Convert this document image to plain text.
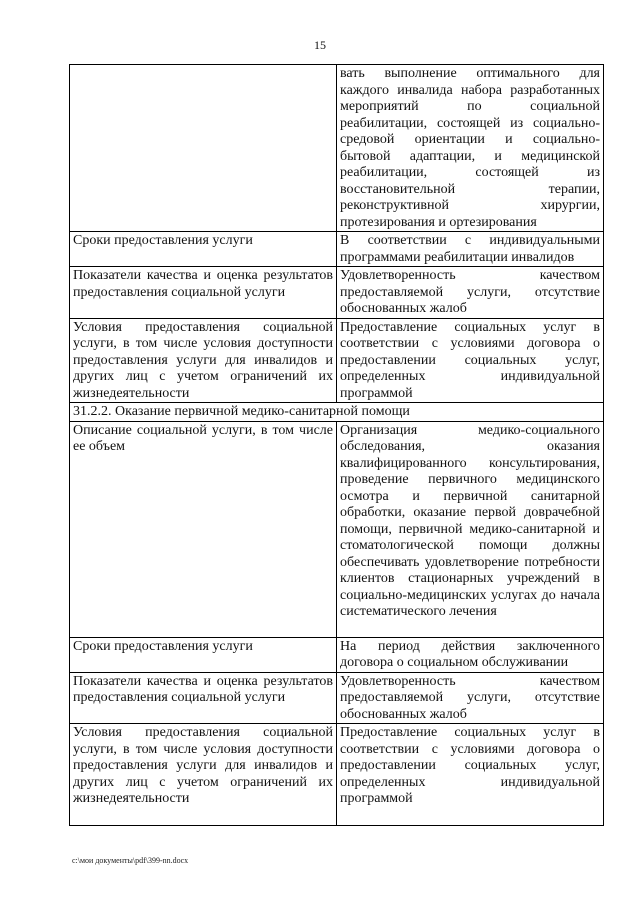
15
	вать выполнение оптимального для каждого инвалида набора разработанных мероприятий по социальной реабилитации, состоящей из социально-средовой ориентации и социально-бытовой адаптации, и медицинской реабилитации, состоящей из восстановительной терапии, реконструктивной хирургии, протезирования и ортезирования
Сроки предоставления услуги	В соответствии с индивидуальными программами реабилитации инвалидов
Показатели качества и оценка результатов предоставления социальной услуги	Удовлетворенность качеством предоставляемой услуги, отсутствие обоснованных жалоб
Условия предоставления социальной услуги, в том числе условия доступности предоставления услуги для инвалидов и других лиц с учетом ограничений их жизнедеятельности	Предоставление социальных услуг в соответствии с условиями договора о предоставлении социальных услуг, определенных индивидуальной программой
31.2.2. Оказание первичной медико-санитарной помощи	
Описание социальной услуги, в том числе ее объем	Организация медико-социального обследования, оказания квалифицированного консультирования, проведение первичного медицинского осмотра и первичной санитарной обработки, оказание первой доврачебной помощи, первичной медико-санитарной и стоматологической помощи должны обеспечивать удовлетворение потребности клиентов стационарных учреждений в социально-медицинских услугах до начала систематического лечения
Сроки предоставления услуги	На период действия заключенного договора о социальном обслуживании
Показатели качества и оценка результатов предоставления социальной услуги	Удовлетворенность качеством предоставляемой услуги, отсутствие обоснованных жалоб
Условия предоставления социальной услуги, в том числе условия доступности предоставления услуги для инвалидов и других лиц с учетом ограничений их жизнедеятельности	Предоставление социальных услуг в соответствии с условиями договора о предоставлении социальных услуг, определенных индивидуальной программой
c:\мои документы\pdf\399-nn.docx
